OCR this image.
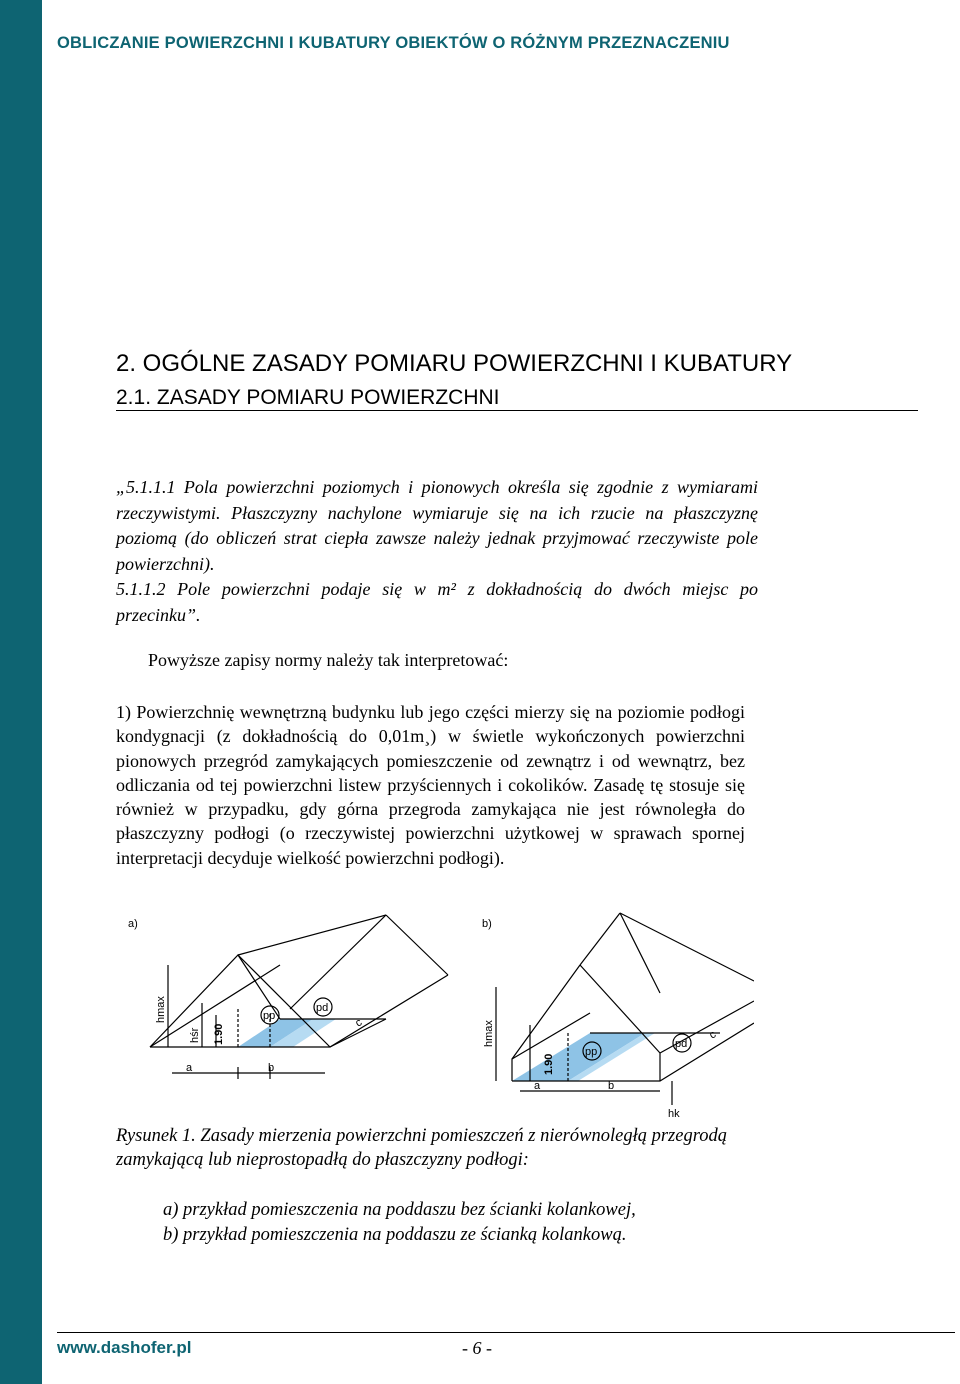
OBLICZANIE POWIERZCHNI I KUBATURY OBIEKTÓW O RÓŻNYM PRZEZNACZENIU
2. OGÓLNE ZASADY POMIARU POWIERZCHNI I KUBATURY
2.1. ZASADY POMIARU POWIERZCHNI

„5.1.1.1 Pola powierzchni poziomych i pionowych określa się zgodnie z wymiarami rzeczywistymi. Płaszczyzny nachylone wymiaruje się na ich rzucie na płaszczyznę poziomą (do obliczeń strat ciepła zawsze należy jednak przyjmować rzeczywiste pole powierzchni).

5.1.1.2 Pole powierzchni podaje się w m² z dokładnością do dwóch miejsc po przecinku”.

Powyższe zapisy normy należy tak interpretować:

1) Powierzchnię wewnętrzną budynku lub jego części mierzy się na poziomie podłogi kondygnacji (z dokładnością do 0,01m¸) w świetle wykończonych powierzchni pionowych przegród zamykających pomieszczenie od zewnątrz i od wewnątrz, bez odliczania od tej powierzchni listew przyściennych i cokolików. Zasadę tę stosuje się również w przypadku, gdy górna przegroda zamykająca nie jest równoległa do płaszczyzny podłogi (o rzeczywistej powierzchni użytkowej w sprawach spornej interpretacji decyduje wielkość powierzchni podłogi).

a)
hmax
hśr 1.90
a	b
c
pp
pd
b)
hmax
1.90
hk
a	b
c
pp
pd

Rysunek 1. Zasady mierzenia powierzchni pomieszczeń z nierównoległą przegrodą zamykającą lub nieprostopadłą do płaszczyzny podłogi:

a) przykład pomieszczenia na poddaszu bez ścianki kolankowej,

b) przykład pomieszczenia na poddaszu ze ścianką kolankową.

www.dashofer.pl	- 6 -
